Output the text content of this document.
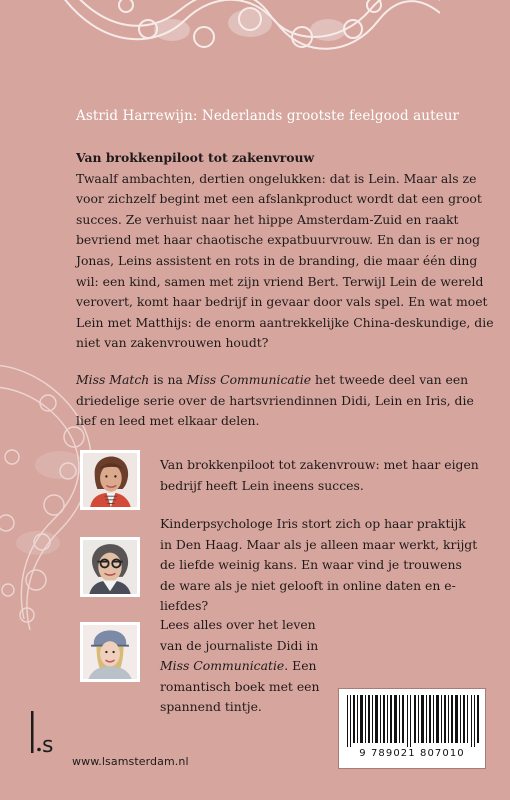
Astrid Harrewijn: Nederlands grootste feelgood auteur

Van brokkenpiloot tot zakenvrouw

Twaalf ambachten, dertien ongelukken: dat is Lein. Maar als ze voor zichzelf begint met een afslankproduct wordt dat een groot succes. Ze verhuist naar het hippe Amsterdam-Zuid en raakt bevriend met haar chaotische expatbuurvrouw. En dan is er nog Jonas, Leins assistent en rots in de branding, die maar één ding wil: een kind, samen met zijn vriend Bert. Terwijl Lein de wereld verovert, komt haar bedrijf in gevaar door vals spel. En wat moet Lein met Matthijs: de enorm aantrekkelijke China-deskundige, die niet van zakenvrouwen houdt?

Miss Match is na Miss Communicatie het tweede deel van een driedelige serie over de hartsvriendinnen Didi, Lein en Iris, die lief en leed met elkaar delen.

Van brokkenpiloot tot zakenvrouw: met haar eigen bedrijf heeft Lein ineens succes.
Kinderpsychologe Iris stort zich op haar praktijk in Den Haag. Maar als je alleen maar werkt, krijgt de liefde weinig kans. En waar vind je trouwens de ware als je niet gelooft in online daten en e-liefdes?
Lees alles over het leven van de journaliste Didi in Miss Communicatie. Een romantisch boek met een spannend tintje.
9 789021 807010
s
www.lsamsterdam.nl
